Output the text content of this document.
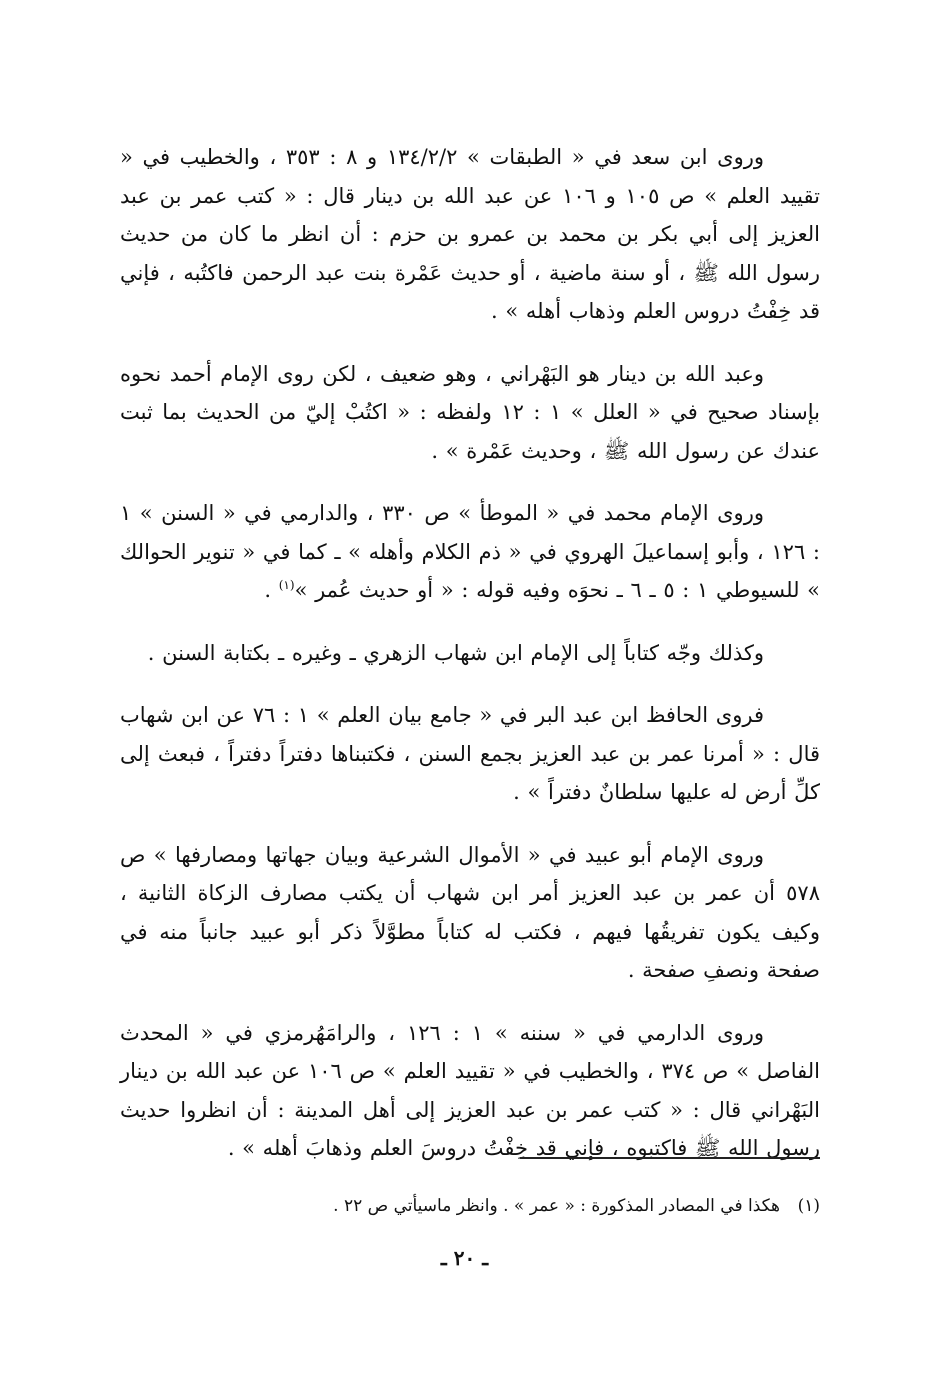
وروى ابن سعد في « الطبقات » ١٣٤/٢/٢ و ٨ : ٣٥٣ ، والخطيب في « تقييد العلم » ص ١٠٥ و ١٠٦ عن عبد الله بن دينار قال : « كتب عمر بن عبد العزيز إلى أبي بكر بن محمد بن عمرو بن حزم : أن انظر ما كان من حديث رسول الله ﷺ ، أو سنة ماضية ، أو حديث عَمْرة بنت عبد الرحمن فاكتُبه ، فإني قد خِفْتُ دروس العلم وذهاب أهله » .

وعبد الله بن دينار هو البَهْراني ، وهو ضعيف ، لكن روى الإمام أحمد نحوه بإسناد صحيح في « العلل » ١ : ١٢ ولفظه : « اكتُبْ إليّ من الحديث بما ثبت عندك عن رسول الله ﷺ ، وحديث عَمْرة » .

وروى الإمام محمد في « الموطأ » ص ٣٣٠ ، والدارمي في « السنن » ١ : ١٢٦ ، وأبو إسماعيلَ الهروي في « ذم الكلام وأهله » ـ كما في « تنوير الحوالك » للسيوطي ١ : ٥ ـ ٦ ـ نحوَه وفيه قوله : « أو حديث عُمر »$^{(١)}$ .

وكذلك وجّه كتاباً إلى الإمام ابن شهاب الزهري ـ وغيره ـ بكتابة السنن .

فروى الحافظ ابن عبد البر في « جامع بيان العلم » ١ : ٧٦ عن ابن شهاب قال : « أمرنا عمر بن عبد العزيز بجمع السنن ، فكتبناها دفتراً دفتراً ، فبعث إلى كلِّ أرض له عليها سلطانٌ دفتراً » .

وروى الإمام أبو عبيد في « الأموال الشرعية وبيان جهاتها ومصارفها » ص ٥٧٨ أن عمر بن عبد العزيز أمر ابن شهاب أن يكتب مصارف الزكاة الثانية ، وكيف يكون تفريقُها فيهم ، فكتب له كتاباً مطوَّلاً ذكر أبو عبيد جانباً منه في صفحة ونصفِ صفحة .

وروى الدارمي في « سننه » ١ : ١٢٦ ، والرامَهُرمزي في « المحدث الفاصل » ص ٣٧٤ ، والخطيب في « تقييد العلم » ص ١٠٦ عن عبد الله بن دينار البَهْراني قال : « كتب عمر بن عبد العزيز إلى أهل المدينة : أن انظروا حديث رسول الله ﷺ فاكتبوه ، فإني قد خِفْتُ دروسَ العلم وذهابَ أهله » .

(١)هكذا في المصادر المذكورة : « عمر » . وانظر ماسيأتي ص ٢٢ .
ـ ٢٠ ـ
